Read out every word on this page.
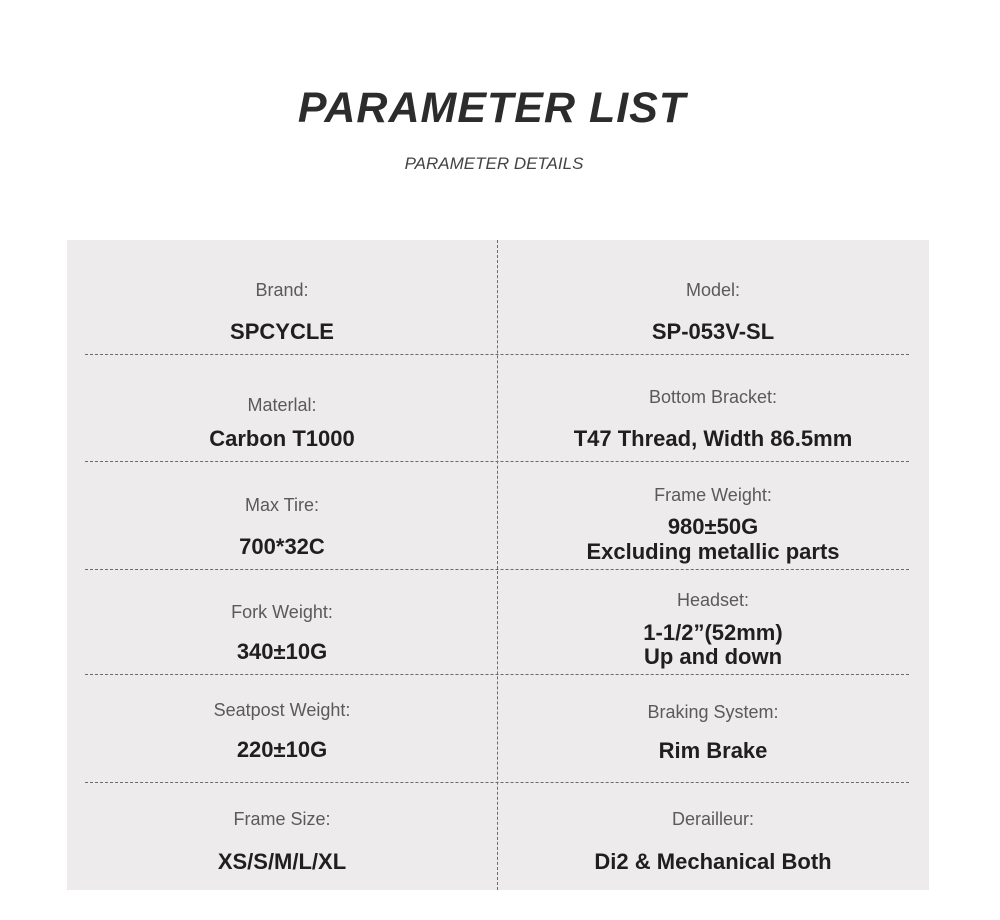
PARAMETER LIST
PARAMETER DETAILS
Brand:
SPCYCLE
Model:
SP-053V-SL
Materlal:
Carbon T1000
Bottom Bracket:
T47 Thread, Width 86.5mm
Max Tire:
700*32C
Frame Weight:
980±50G
Excluding metallic parts
Fork Weight:
340±10G
Headset:
1-1/2”(52mm)
Up and down
Seatpost Weight:
220±10G
Braking System:
Rim Brake
Frame Size:
XS/S/M/L/XL
Derailleur:
Di2 & Mechanical Both
